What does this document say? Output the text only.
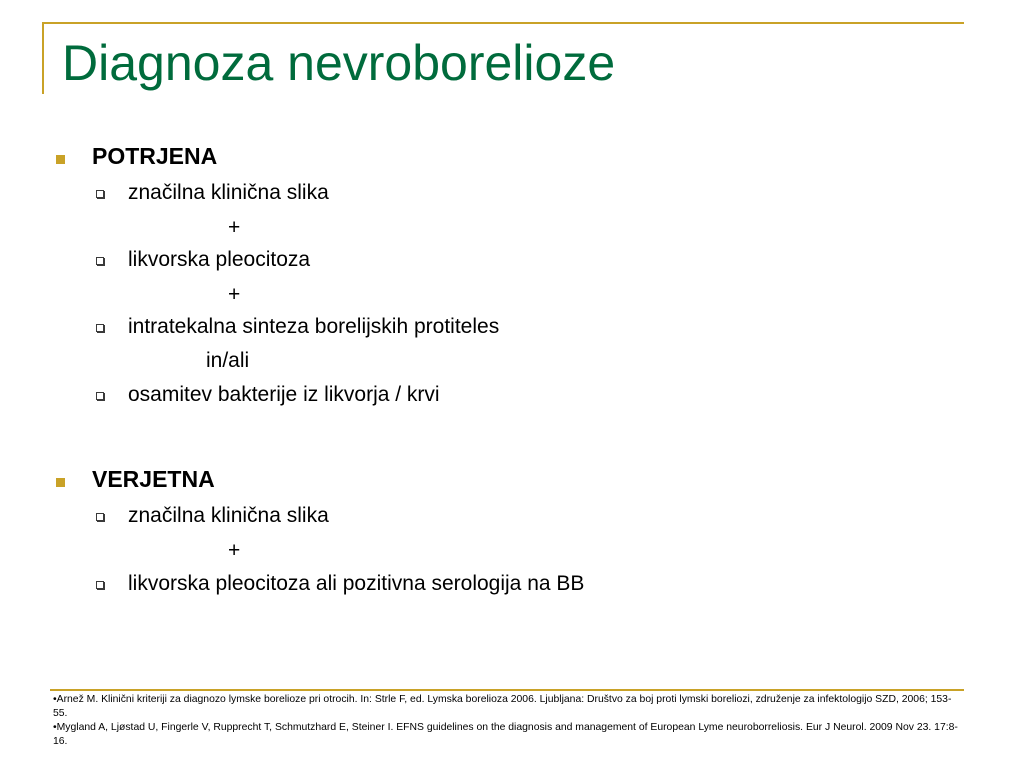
Diagnoza nevroborelioze
POTRJENA
značilna klinična slika
+
likvorska pleocitoza
+
intratekalna sinteza borelijskih protiteles
in/ali
osamitev bakterije iz likvorja / krvi
VERJETNA
značilna klinična slika
+
likvorska pleocitoza ali pozitivna serologija na BB

•Arnež M. Klinični kriteriji za diagnozo lymske borelioze pri otrocih. In: Strle F, ed. Lymska borelioza 2006. Ljubljana: Društvo za boj proti lymski boreliozi, združenje za infektologijo SZD, 2006; 153-55.

•Mygland A, Ljøstad U, Fingerle V, Rupprecht T, Schmutzhard E, Steiner I. EFNS guidelines on the diagnosis and management of European Lyme neuroborreliosis. Eur J Neurol. 2009 Nov 23. 17:8-16.
